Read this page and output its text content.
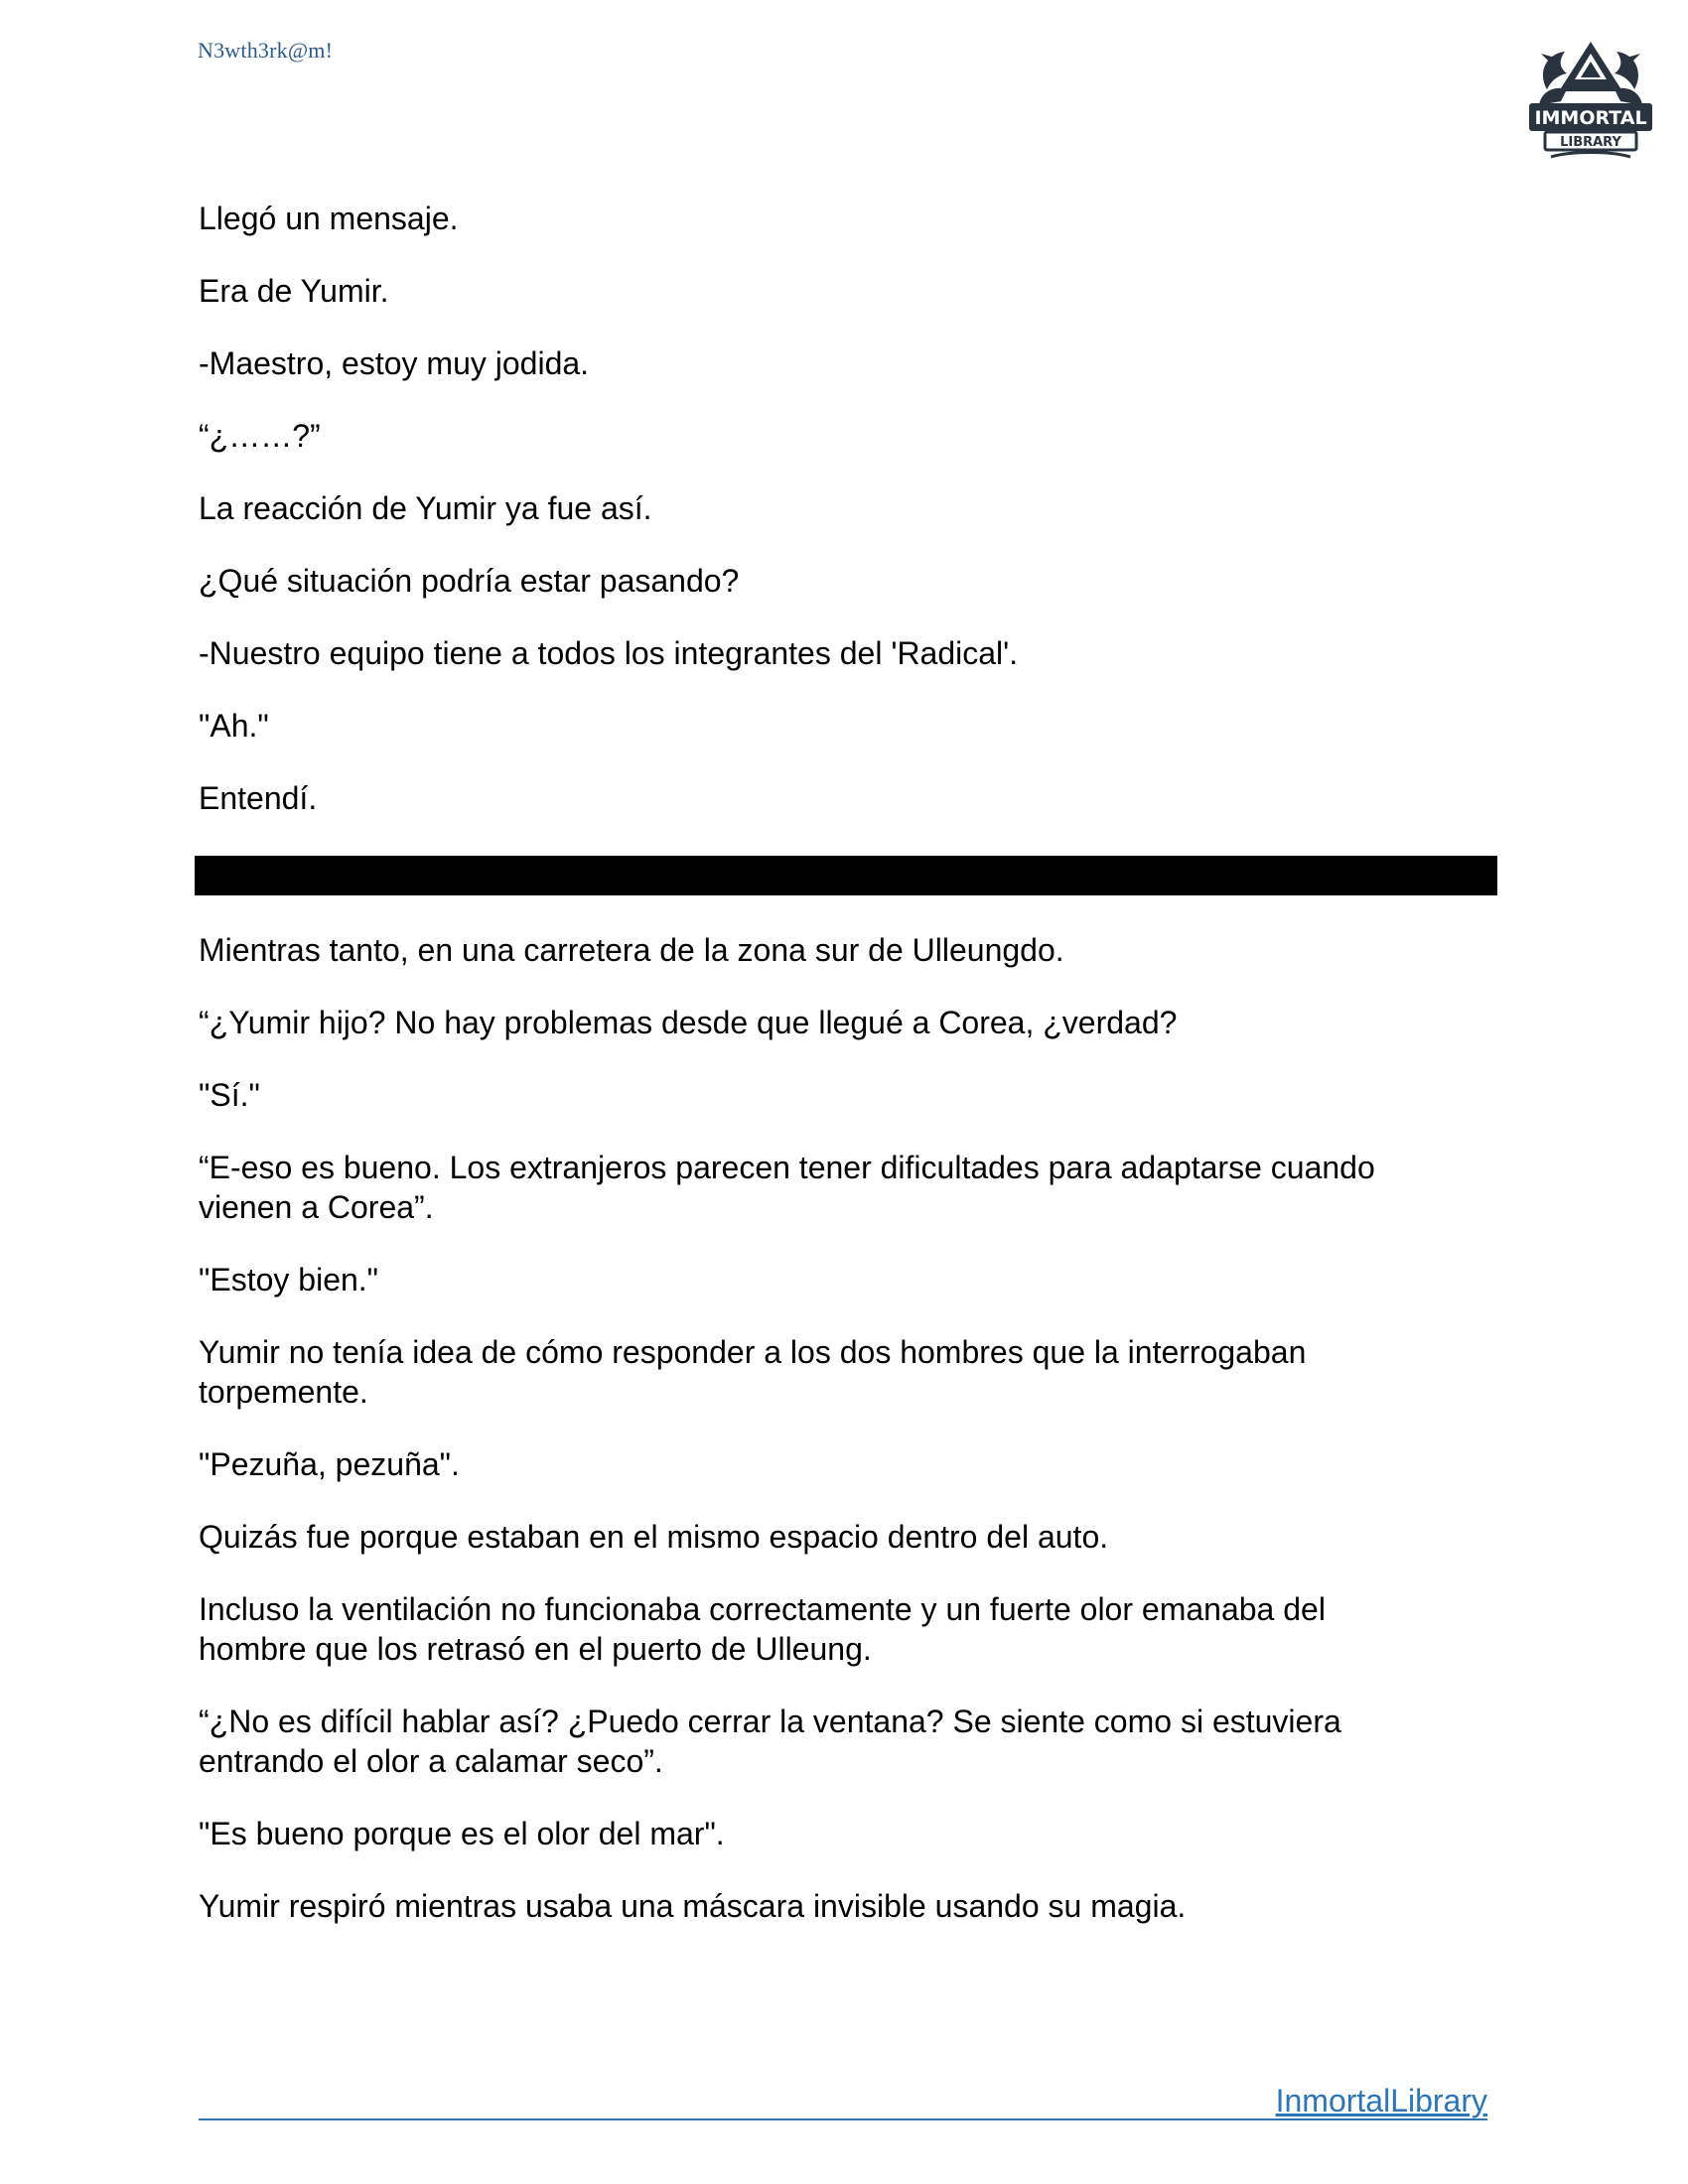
N3wth3rk@m!
IMMORTAL
LIBRARY

Llegó un mensaje.

Era de Yumir.

-Maestro, estoy muy jodida.

“¿……?”

La reacción de Yumir ya fue así.

¿Qué situación podría estar pasando?

-Nuestro equipo tiene a todos los integrantes del 'Radical'.

"Ah."

Entendí.

Mientras tanto, en una carretera de la zona sur de Ulleungdo.

“¿Yumir hijo? No hay problemas desde que llegué a Corea, ¿verdad?

"Sí."

“E-eso es bueno. Los extranjeros parecen tener dificultades para adaptarse cuando
vienen a Corea”.

"Estoy bien."

Yumir no tenía idea de cómo responder a los dos hombres que la interrogaban
torpemente.

"Pezuña, pezuña".

Quizás fue porque estaban en el mismo espacio dentro del auto.

Incluso la ventilación no funcionaba correctamente y un fuerte olor emanaba del
hombre que los retrasó en el puerto de Ulleung.

“¿No es difícil hablar así? ¿Puedo cerrar la ventana? Se siente como si estuviera
entrando el olor a calamar seco”.

"Es bueno porque es el olor del mar".

Yumir respiró mientras usaba una máscara invisible usando su magia.

InmortalLibrary
